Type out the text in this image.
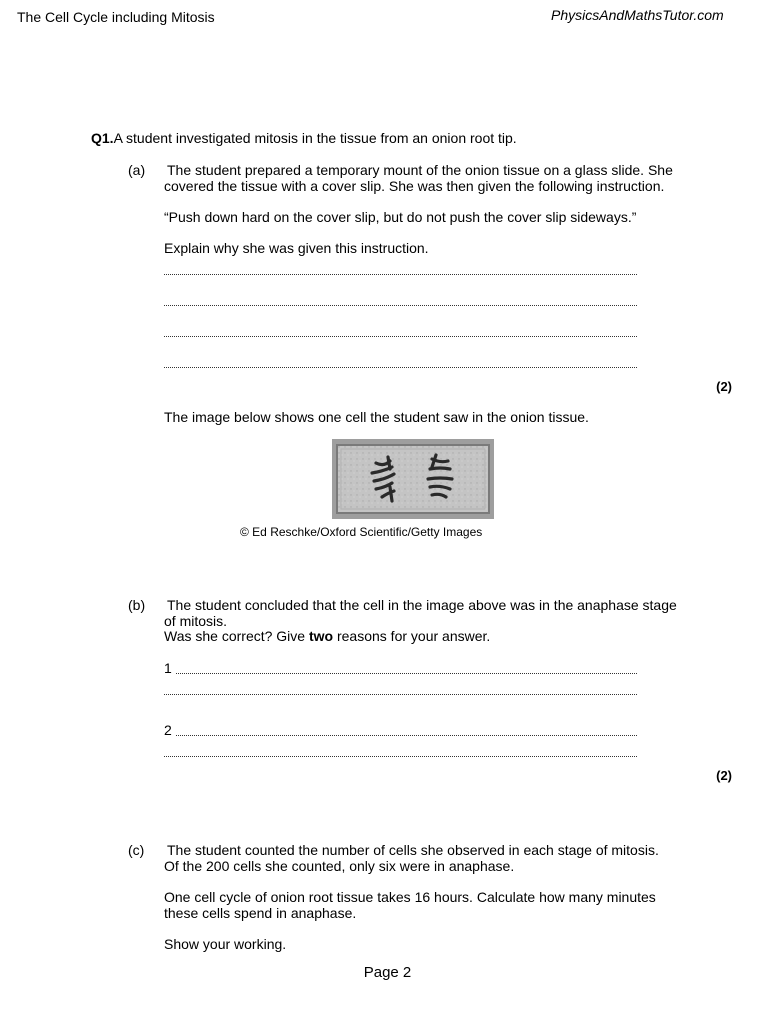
The Cell Cycle including Mitosis	PhysicsAndMathsTutor.com
Q1.A student investigated mitosis in the tissue from an onion root tip.
(a) The student prepared a temporary mount of the onion tissue on a glass slide. She
covered the tissue with a cover slip. She was then given the following instruction.
“Push down hard on the cover slip, but do not push the cover slip sideways.”
Explain why she was given this instruction.
(2)
The image below shows one cell the student saw in the onion tissue.
© Ed Reschke/Oxford Scientific/Getty Images
(b) The student concluded that the cell in the image above was in the anaphase stage
of mitosis.
Was she correct? Give two reasons for your answer.
1
2
(2)
(c) The student counted the number of cells she observed in each stage of mitosis.
Of the 200 cells she counted, only six were in anaphase.
One cell cycle of onion root tissue takes 16 hours. Calculate how many minutes
these cells spend in anaphase.
Show your working.
Page 2
